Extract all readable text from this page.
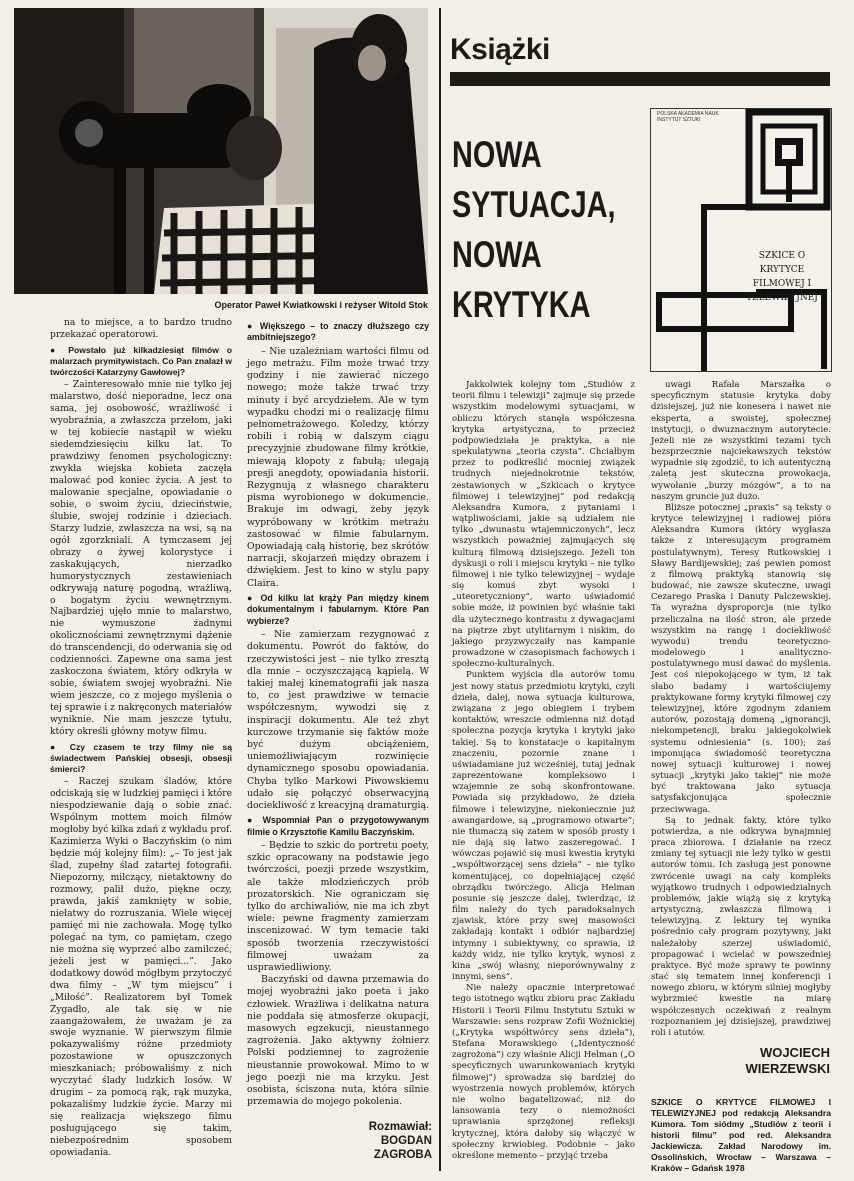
Operator Paweł Kwiatkowski i reżyser Witold Stok

na to miejsce, a to bardzo trudno przekazać operatorowi.

● Powstało już kilkadziesiąt filmów o malarzach prymitywistach. Co Pan znalazł w twórczości Katarzyny Gawłowej?

– Zainteresowało mnie nie tylko jej malarstwo, dość nieporadne, lecz ona sama, jej osobowość, wrażliwość i wyobraźnia, a zwłaszcza przełom, jaki w tej kobiecie nastąpił w wieku siedemdziesięciu kilku lat. To prawdziwy fenomen psychologiczny: zwykła wiejska kobieta zaczęła malować pod koniec życia. A jest to malowanie specjalne, opowiadanie o sobie, o swoim życiu, dzieciństwie, ślubie, swojej rodzinie i dzieciach. Starzy ludzie, zwłaszcza na wsi, są na ogół zgorzkniali. A tymczasem jej obrazy o żywej kolorystyce i zaskakujących, nierzadko humorystycznych zestawieniach odkrywają naturę pogodną, wrażliwą, o bogatym życiu wewnętrznym. Najbardziej ujęło mnie to malarstwo, nie wymuszone żadnymi okolicznościami zewnętrznymi dążenie do transcendencji, do oderwania się od codzienności. Zapewne ona sama jest zaskoczona światem, który odkryła w sobie, światem swojej wyobraźni. Nie wiem jeszcze, co z mojego myślenia o tej sprawie i z nakręconych materiałów wyniknie. Nie mam jeszcze tytułu, który określi główny motyw filmu.

● Czy czasem te trzy filmy nie są świadectwem Pańskiej obsesji, obsesji śmierci?

– Raczej szukam śladów, które odciskają się w ludzkiej pamięci i które niespodziewanie dają o sobie znać. Wspólnym mottem moich filmów mogłoby być kilka zdań z wykładu prof. Kazimierza Wyki o Baczyńskim (o nim będzie mój kolejny film): „– To jest jak ślad, zupełny ślad zatartej fotografii. Niepozorny, milczący, nietaktowny do rozmowy, palił dużo, piękne oczy, prawda, jakiś zamknięty w sobie, niełatwy do rozruszania. Wiele więcej pamięć mi nie zachowała. Mogę tylko polegać na tym, co pamiętam, czego nie można się wyprzeć albo zamilczeć, jeżeli jest w pamięci...”. Jako dodatkowy dowód mógłbym przytoczyć dwa filmy – „W tym miejscu” i „Miłość”. Realizatorem był Tomek Zygadło, ale tak się w nie zaangażowałem, że uważam je za swoje wyznanie. W pierwszym filmie pokazywaliśmy różne przedmioty pozostawione w opuszczonych mieszkaniach; próbowaliśmy z nich wyczytać ślady ludzkich losów. W drugim – za pomocą rąk, rąk muzyka, pokazaliśmy ludzkie życie. Marzy mi się realizacja większego filmu posługującego się takim, niebezpośrednim sposobem opowiadania.

● Większego – to znaczy dłuższego czy ambitniejszego?

– Nie uzależniam wartości filmu od jego metrażu. Film może trwać trzy godziny i nie zawierać niczego nowego; może także trwać trzy minuty i być arcydziełem. Ale w tym wypadku chodzi mi o realizację filmu pełnometrażowego. Koledzy, którzy robili i robią w dalszym ciągu precyzyjnie zbudowane filmy krótkie, miewają kłopoty z fabułą; ulegają presji anegdoty, opowiadania historii. Rezygnują z własnego charakteru pisma wyrobionego w dokumencie. Brakuje im odwagi, żeby język wypróbowany w krótkim metrażu zastosować w filmie fabularnym. Opowiadają całą historię, bez skrótów narracji, skojarzeń między obrazem i dźwiękiem. Jest to kino w stylu papy Claira.

● Od kilku lat krąży Pan między kinem dokumentalnym i fabularnym. Które Pan wybierze?

– Nie zamierzam rezygnować z dokumentu. Powrót do faktów, do rzeczywistości jest – nie tylko zresztą dla mnie – oczyszczającą kąpielą. W takiej małej kinematografii jak nasza to, co jest prawdziwe w temacie współczesnym, wywodzi się z inspiracji dokumentu. Ale też zbyt kurczowe trzymanie się faktów może być dużym obciążeniem, uniemożliwiającym rozwinięcie dynamicznego sposobu opowiadania. Chyba tylko Markowi Piwowskiemu udało się połączyć obserwacyjną dociekliwość z kreacyjną dramaturgią.

● Wspomniał Pan o przygotowywanym filmie o Krzysztofie Kamilu Baczyńskim.

– Będzie to szkic do portretu poety, szkic opracowany na podstawie jego twórczości, poezji przede wszystkim, ale także młodzieńczych prób prozatorskich. Nie ograniczam się tylko do archiwaliów, nie ma ich zbyt wiele: pewne fragmenty zamierzam inscenizować. W tym temacie taki sposób tworzenia rzeczywistości filmowej uważam za usprawiedliwiony.

Baczyński od dawna przemawia do mojej wyobraźni jako poeta i jako człowiek. Wrażliwa i delikatna natura nie poddała się atmosferze okupacji, masowych egzekucji, nieustannego zagrożenia. Jako aktywny żołnierz Polski podziemnej to zagrożenie nieustannie prowokował. Mimo to w jego poezji nie ma krzyku. Jest osobista, ściszona nuta, która silnie przemawia do mojego pokolenia.

Rozmawiał:
BOGDAN
ZAGROBA
Książki
NOWA
SYTUACJA,
NOWA
KRYTYKA
POLSKA AKADEMIA NAUK INSTYTUT SZTUKI
SZKICE O KRYTYCE FILMOWEJ I TELEWIZYJNEJ

Jakkolwiek kolejny tom „Studiów z teorii filmu i telewizji” zajmuje się przede wszystkim modelowymi sytuacjami, w obliczu których stanęła współczesna krytyka artystyczna, to przecież podpowiedziała je praktyka, a nie spekulatywna „teoria czysta”. Chciałbym przez to podkreślić mocniej związek trudnych niejednokrotnie tekstów, zestawionych w „Szkicach o krytyce filmowej i telewizyjnej” pod redakcją Aleksandra Kumora, z pytaniami i wątpliwościami, jakie są udziałem nie tylko „dwunastu wtajemniczonych”, lecz wszystkich poważniej zajmujących się kulturą filmową dzisiejszego. Jeżeli ton dyskusji o roli i miejscu krytyki – nie tylko filmowej i nie tylko telewizyjnej – wydaje się komuś zbyt wysoki i „uteoretyczniony”, warto uświadomić sobie może, iż powinien być właśnie taki dla użytecznego kontrastu z dywagacjami na piętrze zbyt utylitarnym i niskim, do jakiego przyzwyczaiły nas kampanie prowadzone w czasopismach fachowych i społeczno-kulturalnych.

Punktem wyjścia dla autorów tomu jest nowy status przedmiotu krytyki, czyli dzieła, dalej, nowa sytuacja kulturowa, związana z jego obiegiem i trybem kontaktów, wreszcie odmienna niż dotąd społeczna pozycja krytyka i krytyki jako takiej. Są to konstatacje o kapitalnym znaczeniu, pozornie znane i uświadamiane już wcześniej, tutaj jednak zaprezentowane kompleksowo i wzajemnie ze sobą skonfrontowane. Powiada się przykładowo, że dzieła filmowe i telewizyjne, niekoniecznie już awangardowe, są „programowo otwarte”; nie tłumaczą się zatem w sposób prosty i nie dają się łatwo zaszeregować. I wówczas pojawić się musi kwestia krytyki „współtworzącej sens dzieła” – nie tylko komentującej, co dopełniającej część obrządku twórczego. Alicja Helman posunie się jeszcze dalej, twierdząc, iż film należy do tych paradoksalnych zjawisk, które przy swej masowości zakładają kontakt i odbiór najbardziej intymny i subiektywny, co sprawia, iż każdy widz, nie tylko krytyk, wynosi z kina „swój własny, nieporównywalny z innymi, sens”.

Nie należy opacznie interpretować tego istotnego wątku zbioru prac Zakładu Historii i Teorii Filmu Instytutu Sztuki w Warszawie: sens rozpraw Zofii Woźnickiej („Krytyka współtwórcy sens dzieła”), Stefana Morawskiego („Identyczność zagrożona”) czy właśnie Alicji Helman („O specyficznych uwarunkowaniach krytyki filmowej”) sprowadza się bardziej do wyostrzenia nowych problemów, których nie wolno bagatelizować, niż do lansowania tezy o niemożności uprawiania sprzężonej refleksji krytycznej, która dałoby się włączyć w społeczny krwiobieg. Podobnie – jako określone memento – przyjąć trzeba

uwagi Rafała Marszałka o specyficznym statusie krytyka doby dzisiejszej, już nie konesera i nawet nie eksperta, a swoistej, społecznej instytucji, o dwuznacznym autorytecie. Jeżeli nie ze wszystkimi tezami tych bezsprzecznie najciekawszych tekstów wypadnie się zgodzić, to ich autentyczną zaletą jest skuteczna prowokacja, wywołanie „burzy mózgów”, a to na naszym gruncie już dużo.

Bliższe potocznej „praxis” są teksty o krytyce telewizyjnej i radiowej pióra Aleksandra Kumora (który wygłasza także z interesującym programem postulatywnym), Teresy Rutkowskiej i Sławy Bardijewskiej; zaś pewien pomost z filmową praktyką stanowią się budować, nie zawsze skuteczne, uwagi Cezarego Praska i Danuty Palczewskiej. Ta wyraźna dysproporcja (nie tylko przeliczalna na ilość stron, ale przede wszystkim na rangę i dociekliwość wywodu) trendu teoretyczno-modelowego i analityczno-postulatywnego musi dawać do myślenia. Jest coś niepokojącego w tym, iż tak słabo badamy i wartościujemy praktykowane formy krytyki filmowej czy telewizyjnej, które zgodnym zdaniem autorów, pozostają domeną „ignorancji, niekompetencji, braku jakiegokolwiek systemu odniesienia” (s. 100); zaś imponująca świadomość teoretyczna nowej sytuacji kulturowej i nowej sytuacji „krytyki jako takiej” nie może być traktowana jako sytuacja satysfakcjonująca społecznie przeciwwaga.

Są to jednak fakty, które tylko potwierdza, a nie odkrywa bynajmniej praca zbiorowa. I działanie na rzecz zmiany tej sytuacji nie leży tylko w gestii autorów tomu. Ich zasługą jest ponowne zwrócenie uwagi na cały kompleks wyjątkowo trudnych i odpowiedzialnych problemów, jakie wiążą się z krytyką artystyczną, zwłaszcza filmową i telewizyjną. Z lektury tej wynika pośrednio cały program pozytywny, jaki należałoby szerzej uświadomić, propagować i wcielać w powszedniej praktyce. Być może sprawy te powinny stać się tematem innej konferencji i nowego zbioru, w którym silniej mogłyby wybrzmieć kwestie na miarę współczesnych oczekiwań z realnym rozpoznaniem jej dzisiejszej, prawdziwej roli i atutów.

WOJCIECH
WIERZEWSKI
SZKICE O KRYTYCE FILMOWEJ I TELEWIZYJNEJ pod redakcją Aleksandra Kumora. Tom siódmy „Studiów z teorii i historii filmu” pod red. Aleksandra Jackiewicza. Zakład Narodowy im. Ossolińskich, Wrocław – Warszawa – Kraków – Gdańsk 1978
